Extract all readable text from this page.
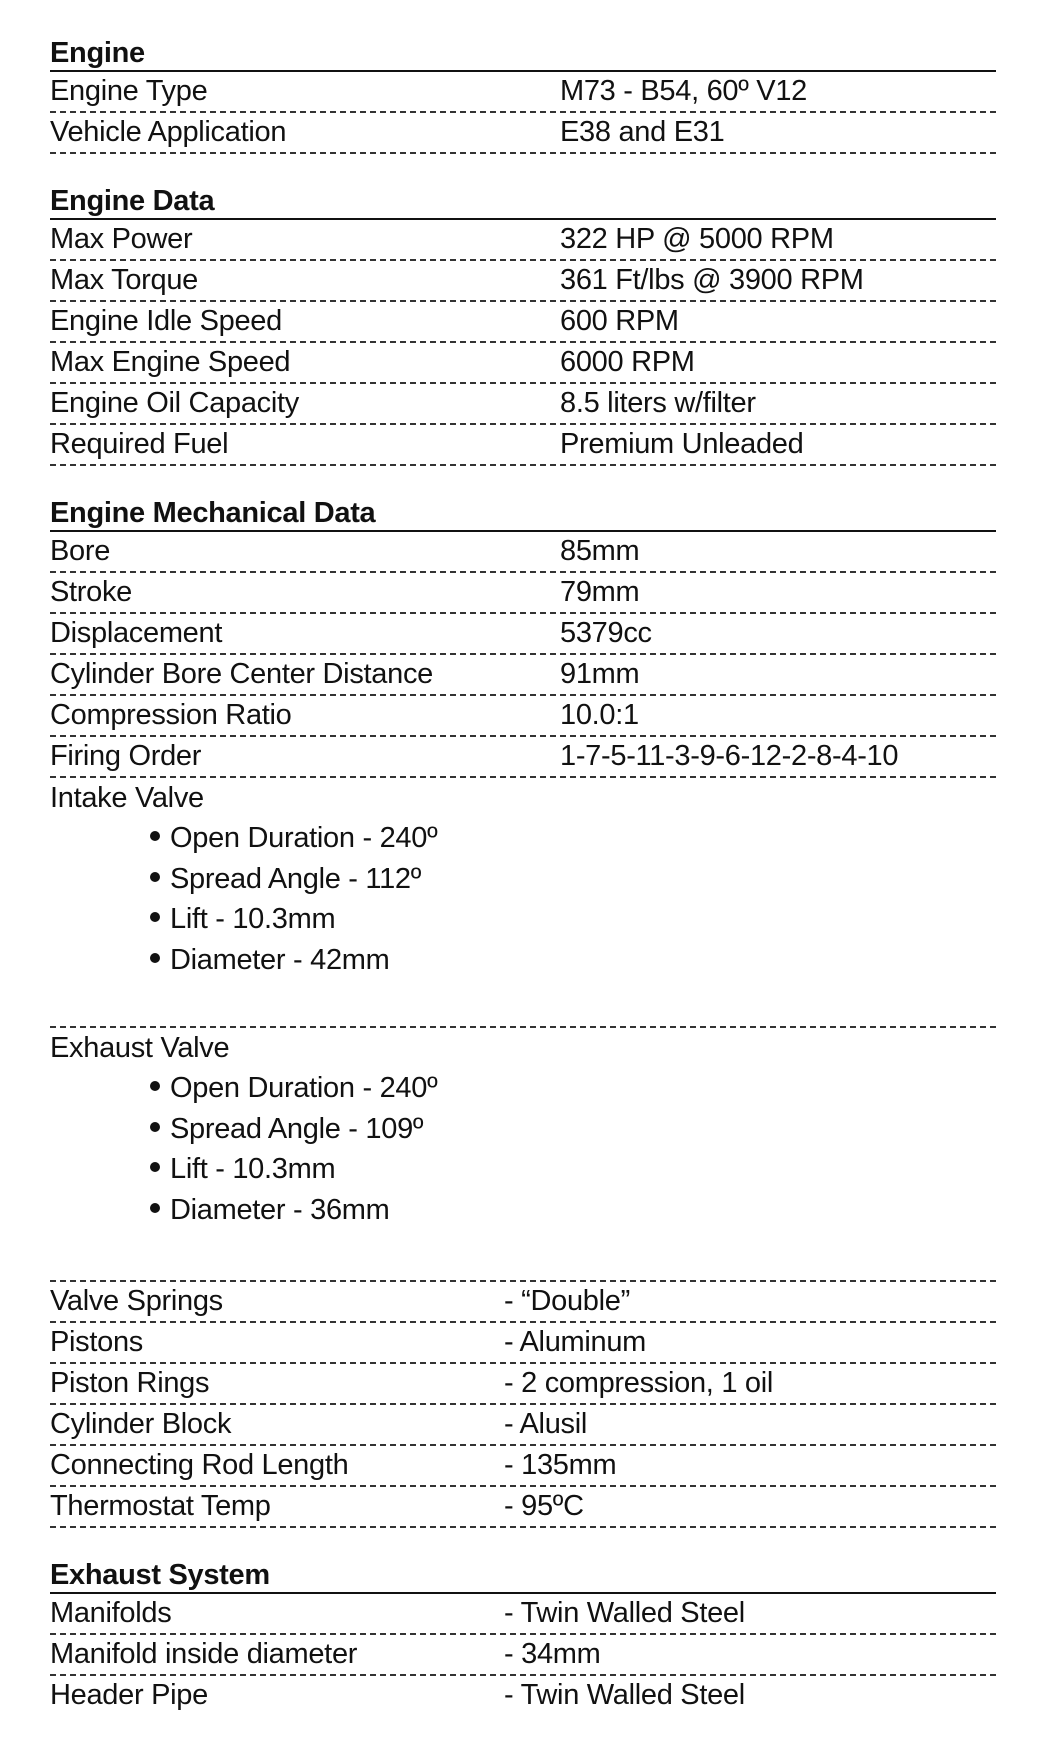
Engine
Engine Type	M73 - B54, 60º V12
Vehicle Application	E38 and E31
Engine Data
Max Power	322 HP @ 5000 RPM
Max Torque	361 Ft/lbs @ 3900 RPM
Engine Idle Speed	600 RPM
Max Engine Speed	6000 RPM
Engine Oil Capacity	8.5 liters w/filter
Required Fuel	Premium Unleaded
Engine Mechanical Data
Bore	85mm
Stroke	79mm
Displacement	5379cc
Cylinder Bore Center Distance	91mm
Compression Ratio	10.0:1
Firing Order	1-7-5-11-3-9-6-12-2-8-4-10
Intake Valve
Open Duration - 240º
Spread Angle - 112º
Lift - 10.3mm
Diameter - 42mm
Exhaust Valve
Open Duration - 240º
Spread Angle - 109º
Lift - 10.3mm
Diameter - 36mm
Valve Springs	- “Double”
Pistons	- Aluminum
Piston Rings	- 2 compression, 1 oil
Cylinder Block	- Alusil
Connecting Rod Length	- 135mm
Thermostat Temp	- 95ºC
Exhaust System
Manifolds	- Twin Walled Steel
Manifold inside diameter	- 34mm
Header Pipe	- Twin Walled Steel
